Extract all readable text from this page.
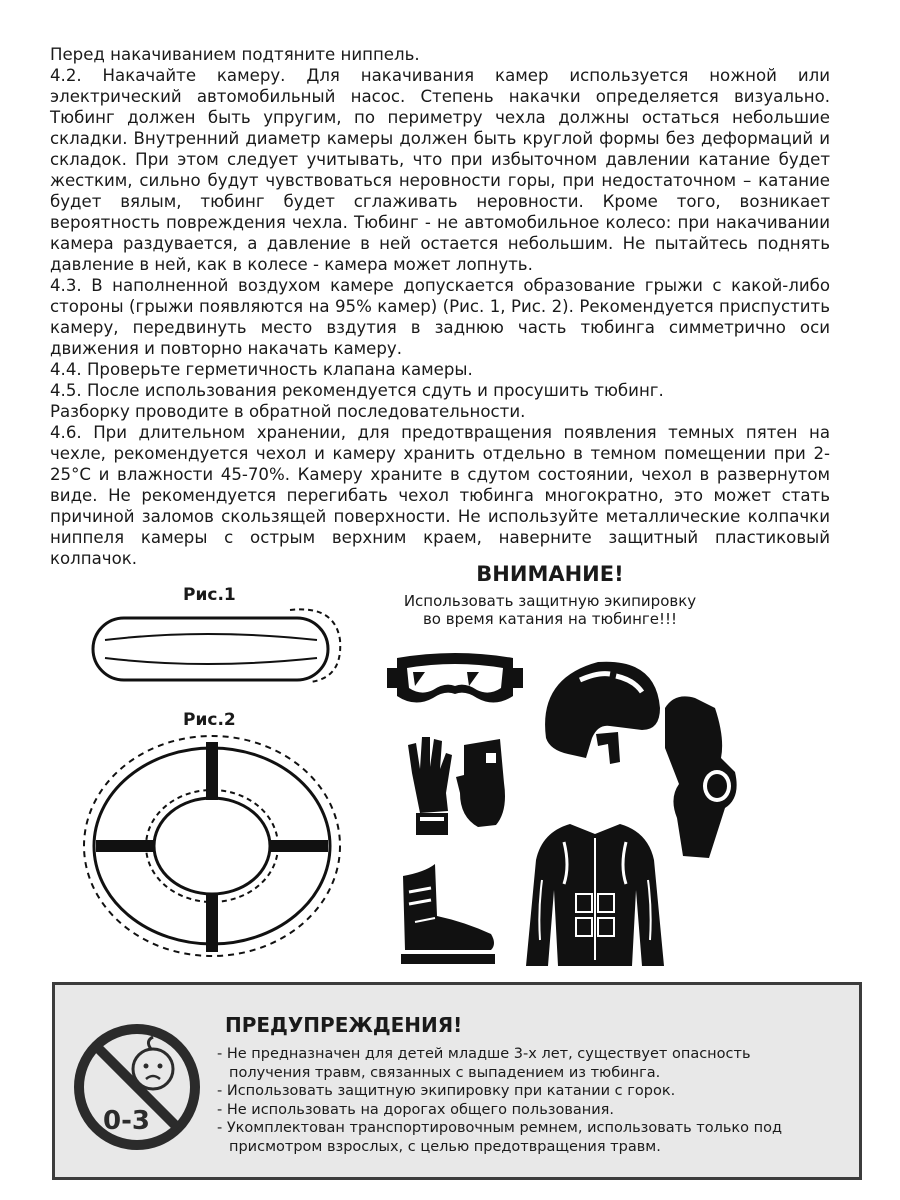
Перед накачиванием подтяните ниппель.

4.2. Накачайте камеру. Для накачивания камер используется ножной или электрический автомобильный насос. Степень накачки определяется визуально. Тюбинг должен быть упругим, по периметру чехла должны остаться небольшие складки. Внутренний диаметр камеры должен быть круглой формы без деформаций и складок. При этом следует учитывать, что при избыточном давлении катание будет жестким, сильно будут чувствоваться неровности горы, при недостаточном – катание будет вялым, тюбинг будет сглаживать неровности. Кроме того, возникает вероятность повреждения чехла. Тюбинг - не автомобильное колесо: при накачивании камера раздувается, а давление в ней остается небольшим. Не пытайтесь поднять давление в ней, как в колесе - камера может лопнуть.

4.3. В наполненной воздухом камере допускается образование грыжи с какой-либо стороны (грыжи появляются на 95% камер) (Рис. 1, Рис. 2). Рекомендуется приспустить камеру, передвинуть место вздутия в заднюю часть тюбинга симметрично оси движения и повторно накачать камеру.

4.4. Проверьте герметичность клапана камеры.

4.5. После использования рекомендуется сдуть и просушить тюбинг.

Разборку проводите в обратной последовательности.

4.6. При длительном хранении, для предотвращения появления темных пятен на чехле, рекомендуется чехол и камеру хранить отдельно в темном помещении при 2-25°C и влажности 45-70%. Камеру храните в сдутом состоянии, чехол в развернутом виде. Не рекомендуется перегибать чехол тюбинга многократно, это может стать причиной заломов скользящей поверхности. Не используйте металлические колпачки ниппеля камеры с острым верхним краем, наверните защитный пластиковый колпачок.

Рис.1
Рис.2
ВНИМАНИЕ!
Использовать защитную экипировку
во время катания на тюбинге!!!
0-3
ПРЕДУПРЕЖДЕНИЯ!
- Не предназначен для детей младше 3-х лет, существует опасность
получения травм, связанных с выпадением из тюбинга.
- Использовать защитную экипировку при катании с горок.
- Не использовать на дорогах общего пользования.
- Укомплектован транспортировочным ремнем, использовать только под
присмотром взрослых, с целью предотвращения травм.
